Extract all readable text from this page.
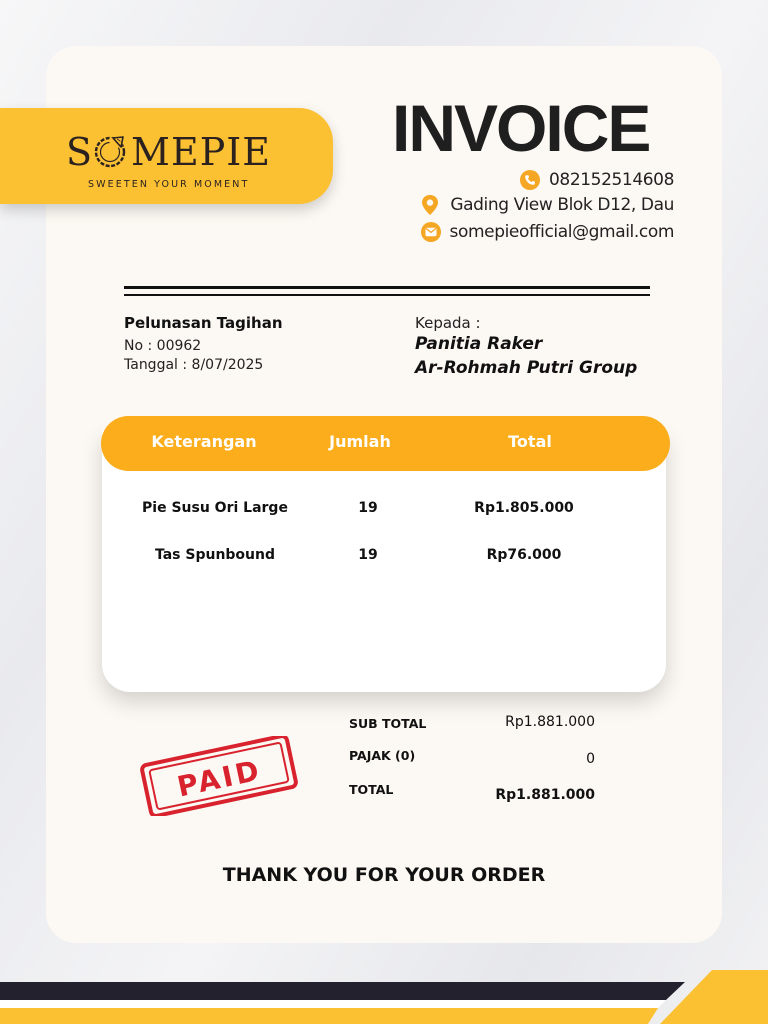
S MEPIE
SWEETEN YOUR MOMENT
INVOICE
082152514608
Gading View Blok D12, Dau
somepieofficial@gmail.com
Pelunasan Tagihan
No : 00962
Tanggal : 8/07/2025
Kepada :
Panitia Raker
Ar-Rohmah Putri Group
Keterangan	Jumlah	Total
Pie Susu Ori Large	19	Rp1.805.000
Tas Spunbound	19	Rp76.000
PAID
SUB TOTAL	Rp1.881.000
PAJAK (0)	0
TOTAL	Rp1.881.000
THANK YOU FOR YOUR ORDER
